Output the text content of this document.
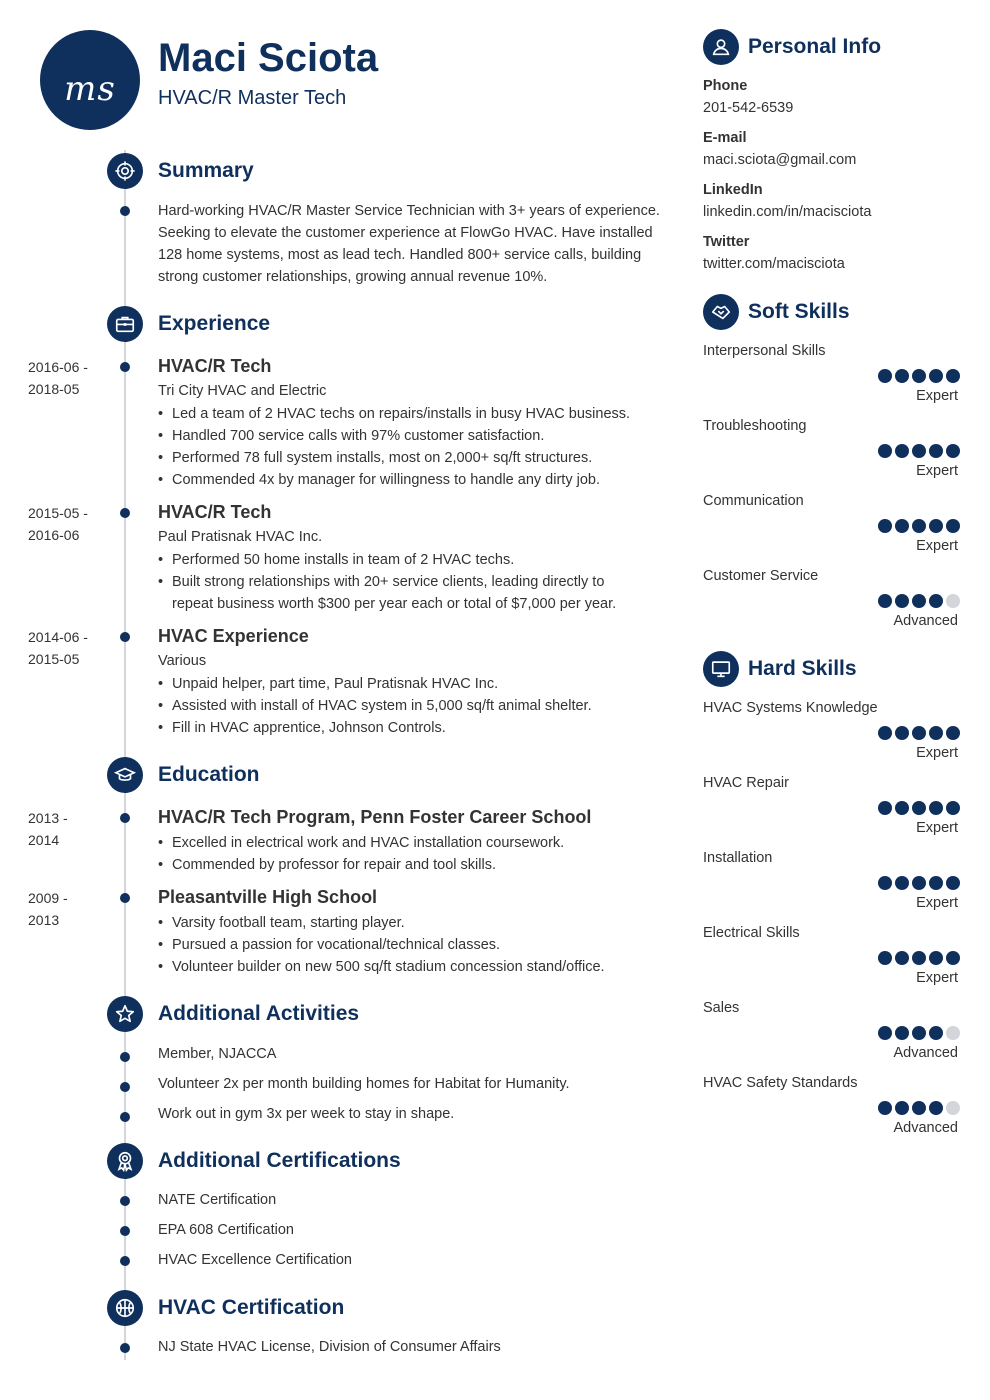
ms
Maci Sciota
HVAC/R Master Tech
Summary
Hard-working HVAC/R Master Service Technician with 3+ years of experience. Seeking to elevate the customer experience at FlowGo HVAC. Have installed 128 home systems, most as lead tech. Handled 800+ service calls, building strong customer relationships, growing annual revenue 10%.
Experience
2016-06 -
2018-05
HVAC/R Tech
Tri City HVAC and Electric
• Led a team of 2 HVAC techs on repairs/installs in busy HVAC business.
• Handled 700 service calls with 97% customer satisfaction.
• Performed 78 full system installs, most on 2,000+ sq/ft structures.
• Commended 4x by manager for willingness to handle any dirty job.
2015-05 -
2016-06
HVAC/R Tech
Paul Pratisnak HVAC Inc.
• Performed 50 home installs in team of 2 HVAC techs.
• Built strong relationships with 20+ service clients, leading directly to repeat business worth $300 per year each or total of $7,000 per year.
2014-06 -
2015-05
HVAC Experience
Various
• Unpaid helper, part time, Paul Pratisnak HVAC Inc.
• Assisted with install of HVAC system in 5,000 sq/ft animal shelter.
• Fill in HVAC apprentice, Johnson Controls.
Education
2013 -
2014
HVAC/R Tech Program, Penn Foster Career School
• Excelled in electrical work and HVAC installation coursework.
• Commended by professor for repair and tool skills.
2009 -
2013
Pleasantville High School
• Varsity football team, starting player.
• Pursued a passion for vocational/technical classes.
• Volunteer builder on new 500 sq/ft stadium concession stand/office.
Additional Activities
Member, NJACCA
Volunteer 2x per month building homes for Habitat for Humanity.
Work out in gym 3x per week to stay in shape.
Additional Certifications
NATE Certification
EPA 608 Certification
HVAC Excellence Certification
HVAC Certification
NJ State HVAC License, Division of Consumer Affairs
Personal Info
Phone
201-542-6539
E-mail
maci.sciota@gmail.com
LinkedIn
linkedin.com/in/macisciota
Twitter
twitter.com/macisciota
Soft Skills
Interpersonal Skills
Expert
Troubleshooting
Expert
Communication
Expert
Customer Service
Advanced
Hard Skills
HVAC Systems Knowledge
Expert
HVAC Repair
Expert
Installation
Expert
Electrical Skills
Expert
Sales
Advanced
HVAC Safety Standards
Advanced
